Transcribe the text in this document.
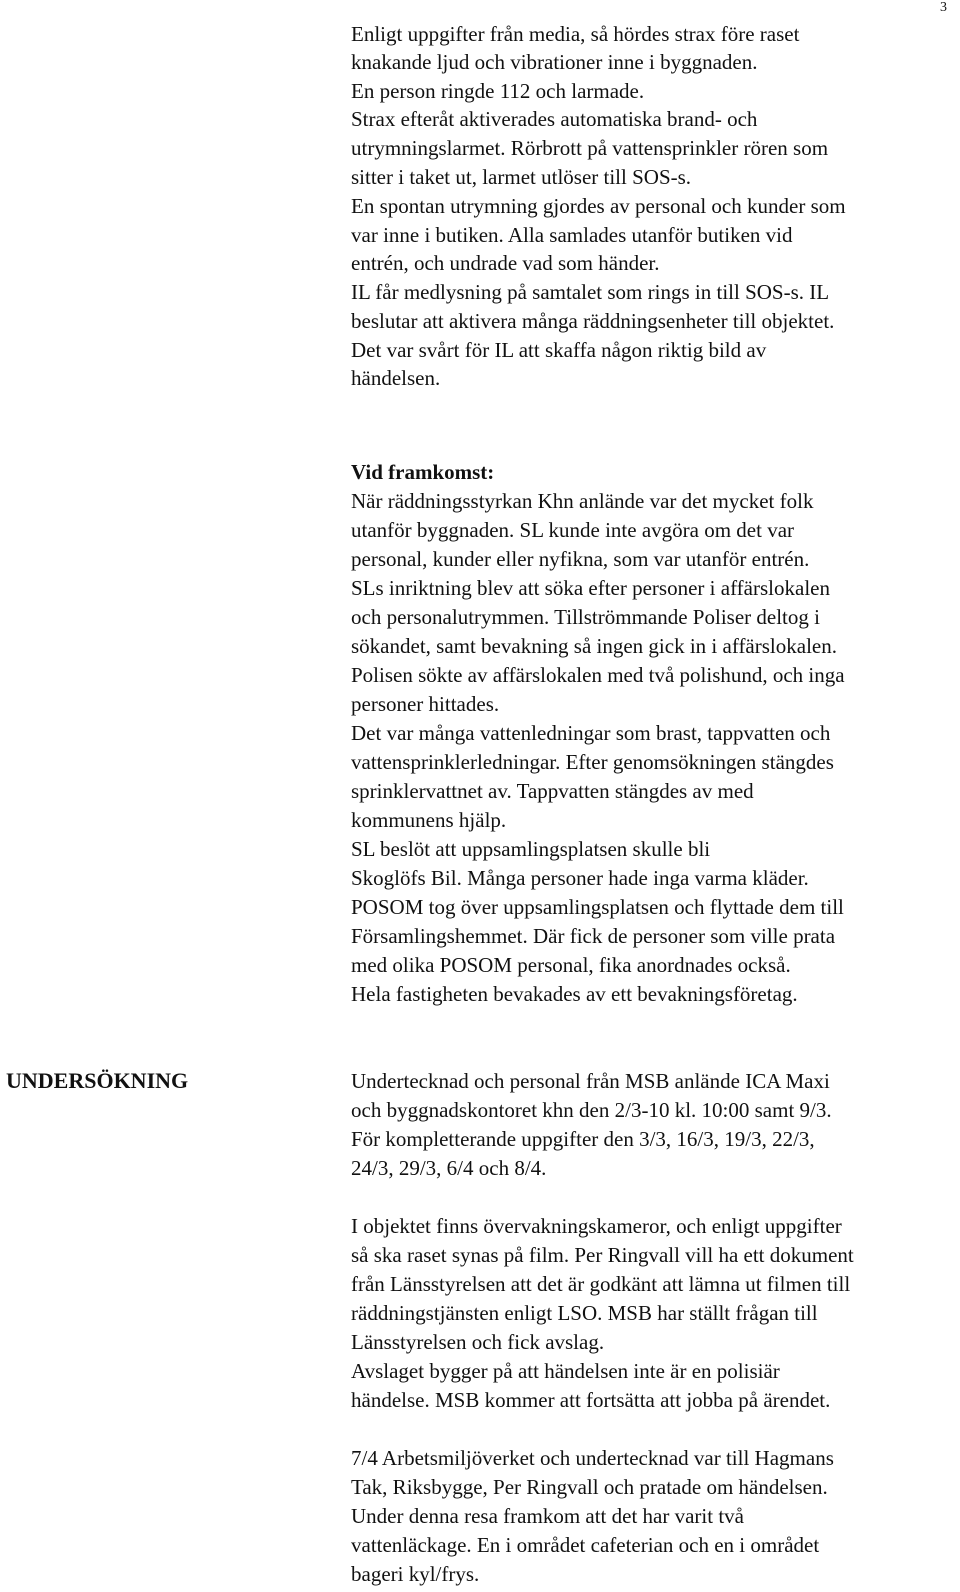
3
Enligt uppgifter från media, så hördes strax före raset
knakande ljud och vibrationer inne i byggnaden.
En person ringde 112 och larmade.
Strax efteråt aktiverades automatiska brand- och
utrymningslarmet. Rörbrott på vattensprinkler rören som
sitter i taket ut, larmet utlöser till SOS-s.
En spontan utrymning gjordes av personal och kunder som
var inne i butiken. Alla samlades utanför butiken vid
entrén, och undrade vad som händer.
IL får medlysning på samtalet som rings in till SOS-s. IL
beslutar att aktivera många räddningsenheter till objektet.
Det var svårt för IL att skaffa någon riktig bild av
händelsen.
Vid framkomst:
När räddningsstyrkan Khn anlände var det mycket folk
utanför byggnaden. SL kunde inte avgöra om det var
personal, kunder eller nyfikna, som var utanför entrén.
SLs inriktning blev att söka efter personer i affärslokalen
och personalutrymmen. Tillströmmande Poliser deltog i
sökandet, samt bevakning så ingen gick in i affärslokalen.
Polisen sökte av affärslokalen med två polishund, och inga
personer hittades.
Det var många vattenledningar som brast, tappvatten och
vattensprinklerledningar. Efter genomsökningen stängdes
sprinklervattnet av. Tappvatten stängdes av med
kommunens hjälp.
SL beslöt att uppsamlingsplatsen skulle bli
Skoglöfs Bil. Många personer hade inga varma kläder.
POSOM tog över uppsamlingsplatsen och flyttade dem till
Församlingshemmet. Där fick de personer som ville prata
med olika POSOM personal, fika anordnades också.
Hela fastigheten bevakades av ett bevakningsföretag.
UNDERSÖKNING	Undertecknad och personal från MSB anlände ICA Maxi
och byggnadskontoret khn den 2/3-10 kl. 10:00 samt 9/3.
För kompletterande uppgifter den 3/3, 16/3, 19/3, 22/3,
24/3, 29/3, 6/4 och 8/4.
I objektet finns övervakningskameror, och enligt uppgifter
så ska raset synas på film. Per Ringvall vill ha ett dokument
från Länsstyrelsen att det är godkänt att lämna ut filmen till
räddningstjänsten enligt LSO. MSB har ställt frågan till
Länsstyrelsen och fick avslag.
Avslaget bygger på att händelsen inte är en polisiär
händelse. MSB kommer att fortsätta att jobba på ärendet.
7/4 Arbetsmiljöverket och undertecknad var till Hagmans
Tak, Riksbygge, Per Ringvall och pratade om händelsen.
Under denna resa framkom att det har varit två
vattenläckage. En i området cafeterian och en i området
bageri kyl/frys.
